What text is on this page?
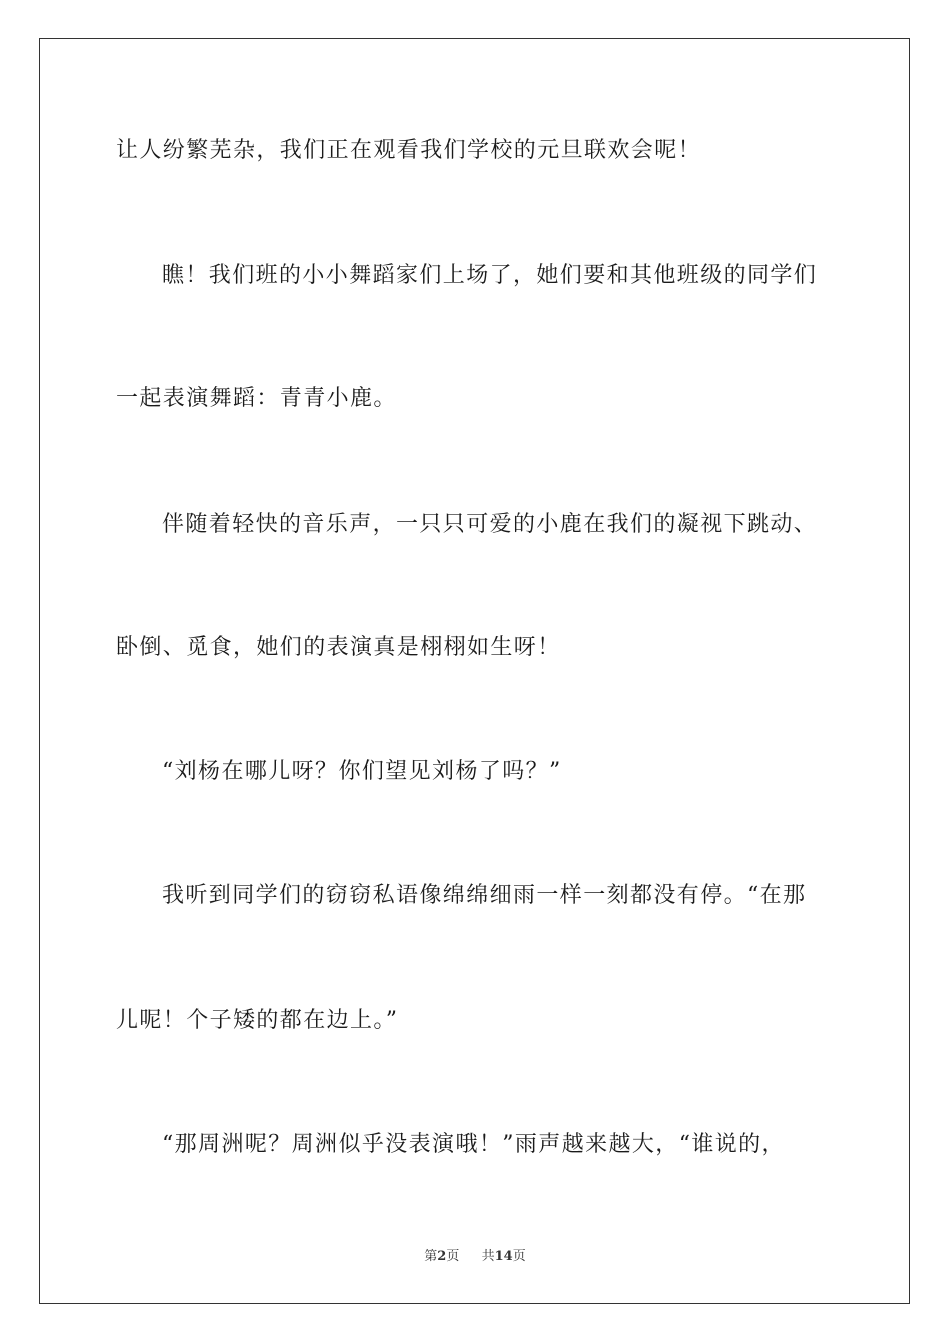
让人纷繁芜杂，我们正在观看我们学校的元旦联欢会呢！
瞧！我们班的小小舞蹈家们上场了，她们要和其他班级的同学们
一起表演舞蹈：青青小鹿。
伴随着轻快的音乐声，一只只可爱的小鹿在我们的凝视下跳动、
卧倒、觅食，她们的表演真是栩栩如生呀！
“刘杨在哪儿呀？你们望见刘杨了吗？”
我听到同学们的窃窃私语像绵绵细雨一样一刻都没有停。“在那
儿呢！个子矮的都在边上。”
“那周洲呢？周洲似乎没表演哦！”雨声越来越大，“谁说的，
第2页 共14页
